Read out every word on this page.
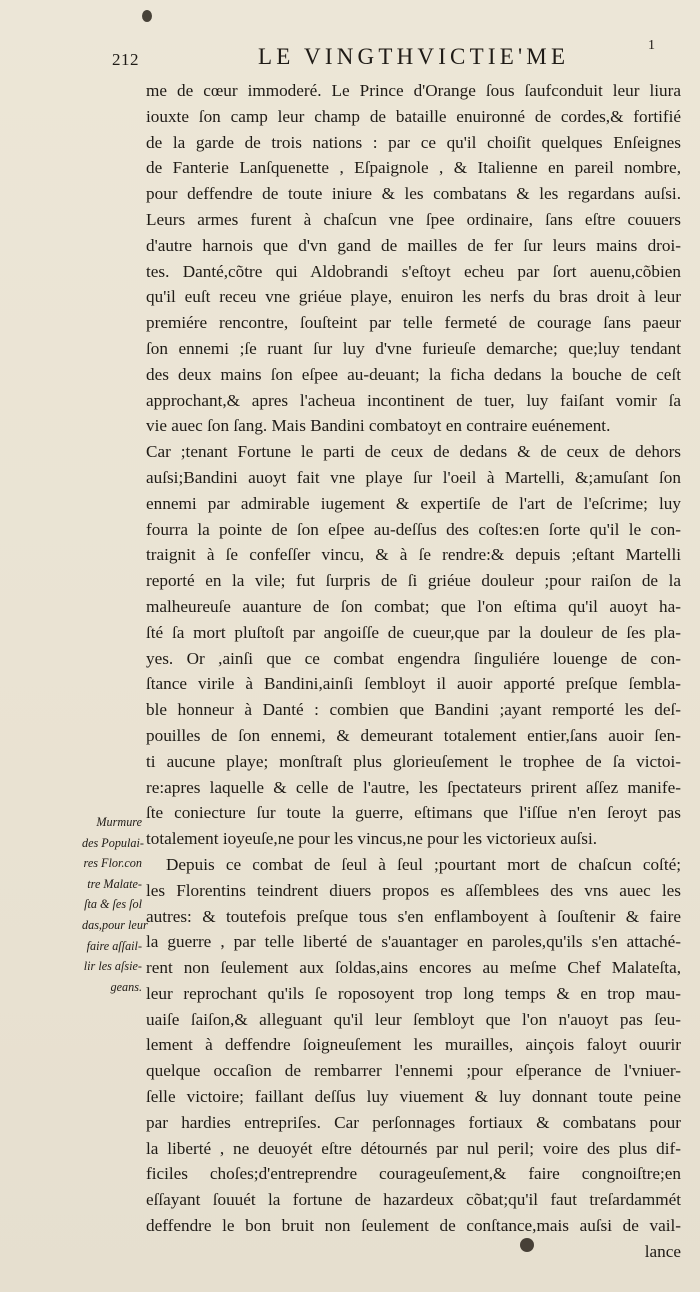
212	LE VINGTHVICTIE'ME	1
me de cœur immoderé. Le Prince d'Orange ſous ſaufconduit leur liura
iouxte ſon camp leur champ de bataille enuironné de cordes,& fortifié
de la garde de trois nations : par ce qu'il choiſit quelques Enſeignes
de Fanterie Lanſquenette , Eſpaignole , & Italienne en pareil nombre,
pour deffendre de toute iniure & les combatans & les regardans auſsi.
Leurs armes furent à chaſcun vne ſpee ordinaire, ſans eſtre couuers
d'autre harnois que d'vn gand de mailles de fer ſur leurs mains droi-
tes. Danté,cõtre qui Aldobrandi s'eſtoyt echeu par ſort auenu,cõbien
qu'il euſt receu vne griéue playe, enuiron les nerfs du bras droit à leur
premiére rencontre, ſouſteint par telle fermeté de courage ſans paeur
ſon ennemi ;ſe ruant ſur luy d'vne furieuſe demarche; que;luy tendant
des deux mains ſon eſpee au-deuant; la ficha dedans la bouche de ceſt
approchant,& apres l'acheua incontinent de tuer, luy faiſant vomir ſa
vie auec ſon ſang. Mais Bandini combatoyt en contraire euénement.
Car ;tenant Fortune le parti de ceux de dedans & de ceux de dehors
auſsi;Bandini auoyt fait vne playe ſur l'oeil à Martelli, &;amuſant ſon
ennemi par admirable iugement & expertiſe de l'art de l'eſcrime; luy
fourra la pointe de ſon eſpee au-deſſus des coſtes:en ſorte qu'il le con-
traignit à ſe confeſſer vincu, & à ſe rendre:& depuis ;eſtant Martelli
reporté en la vile; fut ſurpris de ſi griéue douleur ;pour raiſon de la
malheureuſe auanture de ſon combat; que l'on eſtima qu'il auoyt ha-
ſté ſa mort pluſtoſt par angoiſſe de cueur,que par la douleur de ſes pla-
yes. Or ,ainſi que ce combat engendra ſinguliére louenge de con-
ſtance virile à Bandini,ainſi ſembloyt il auoir apporté preſque ſembla-
ble honneur à Danté : combien que Bandini ;ayant remporté les deſ-
pouilles de ſon ennemi, & demeurant totalement entier,ſans auoir ſen-
ti aucune playe; monſtraſt plus glorieuſement le trophee de ſa victoi-
re:apres laquelle & celle de l'autre, les ſpectateurs prirent aſſez manife-
ſte coniecture ſur toute la guerre, eſtimans que l'iſſue n'en ſeroyt pas
totalement ioyeuſe,ne pour les vincus,ne pour les victorieux auſsi.
Depuis ce combat de ſeul à ſeul ;pourtant mort de chaſcun coſté;
les Florentins teindrent diuers propos es aſſemblees des vns auec les
autres: & toutefois preſque tous s'en enflamboyent à ſouſtenir & faire
la guerre , par telle liberté de s'auantager en paroles,qu'ils s'en attaché-
rent non ſeulement aux ſoldas,ains encores au meſme Chef Malateſta,
leur reprochant qu'ils ſe roposoyent trop long temps & en trop mau-
uaiſe ſaiſon,& alleguant qu'il leur ſembloyt que l'on n'auoyt pas ſeu-
lement à deffendre ſoigneuſement les murailles, ainçois faloyt ouurir
quelque occaſion de rembarrer l'ennemi ;pour eſperance de l'vniuer-
ſelle victoire; faillant deſſus luy viuement & luy donnant toute peine
par hardies entrepriſes. Car perſonnages fortiaux & combatans pour
la liberté , ne deuoyét eſtre détournés par nul peril; voire des plus dif-
ficiles choſes;d'entreprendre courageuſement,& faire congnoiſtre;en
eſſayant ſouuét la fortune de hazardeux cõbat;qu'il faut treſardammét
deffendre le bon bruit non ſeulement de conſtance,mais auſsi de vail-
lance
Murmure
des Populai-
res Flor.con
tre Malate-
ſta & ſes ſol
das,pour leur
faire aſſail-
lir les aſsie-
geans.
